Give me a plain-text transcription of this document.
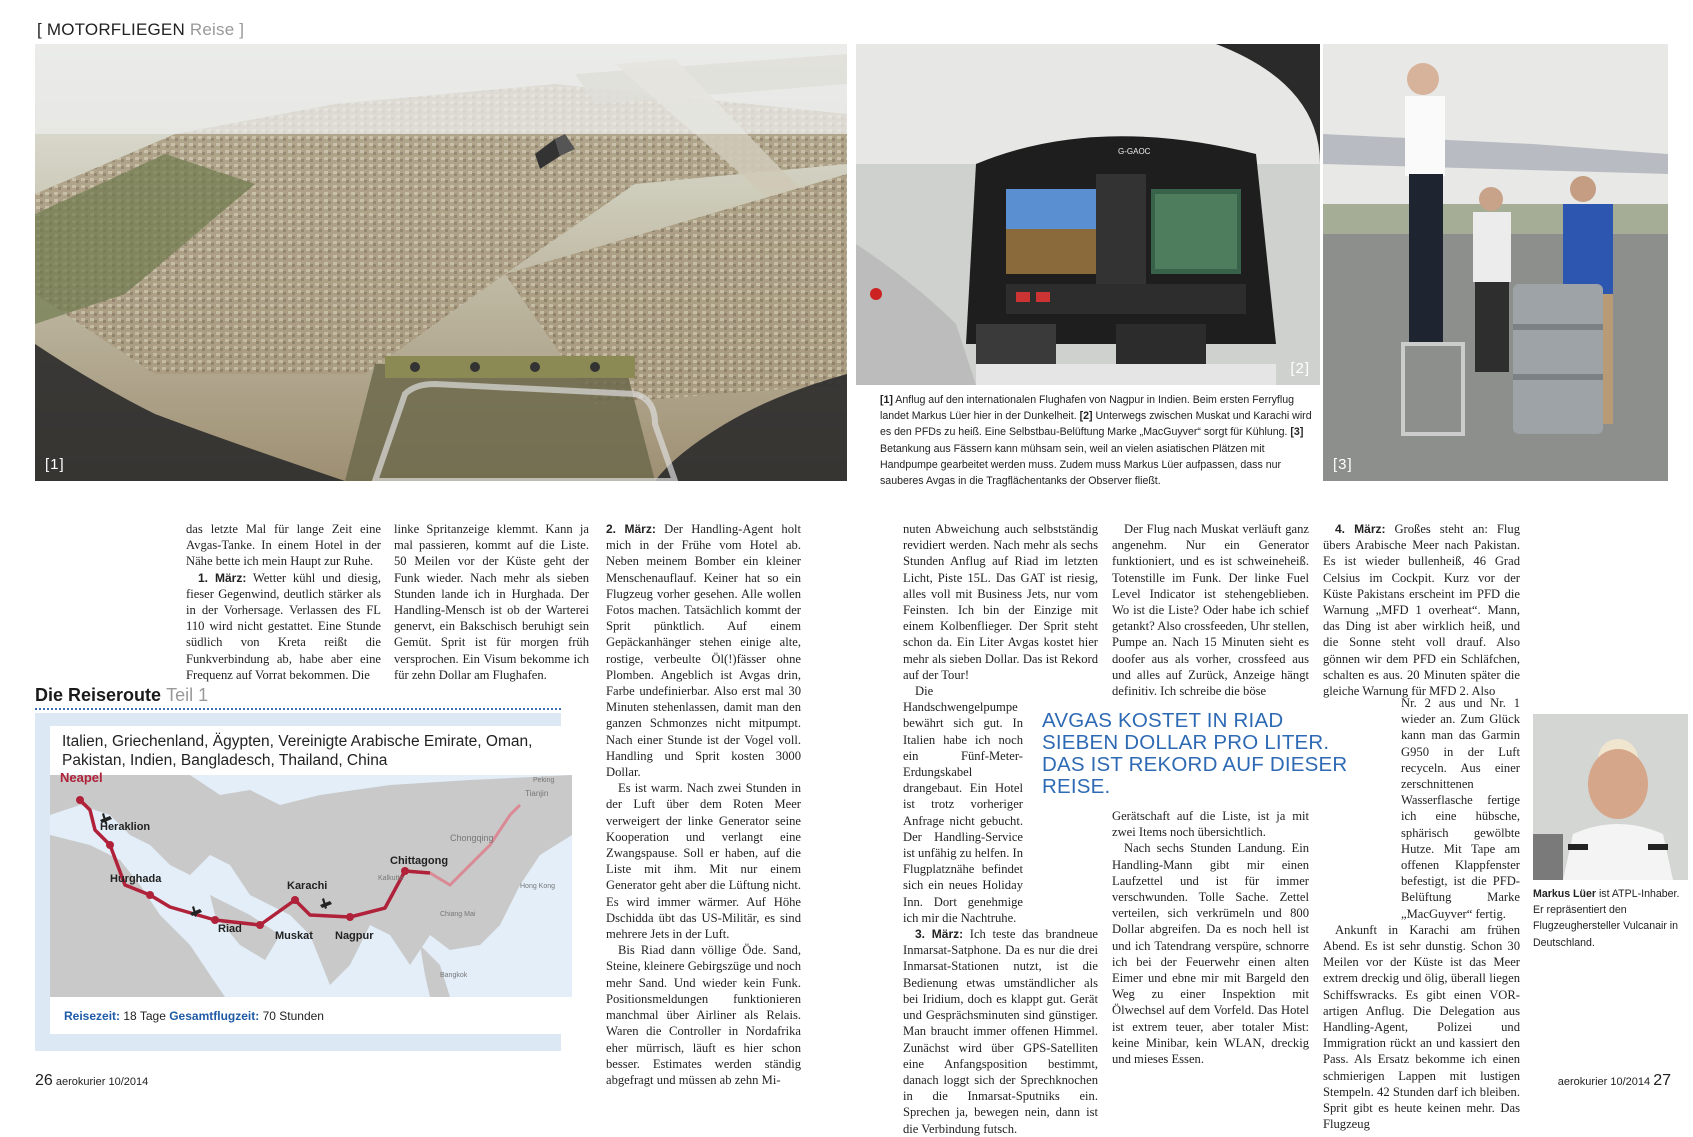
[ MOTORFLIEGEN Reise ]
[1]
G-GAOC
[2]
[3]
[1] Anflug auf den internationalen Flughafen von Nagpur in Indien. Beim ersten Ferryflug landet Markus Lüer hier in der Dunkelheit. [2] Unterwegs zwischen Muskat und Karachi wird es den PFDs zu heiß. Eine Selbstbau-Belüftung Marke „MacGuyver“ sorgt für Kühlung. [3] Betankung aus Fässern kann mühsam sein, weil an vielen asiatischen Plätzen mit Handpumpe gearbeitet werden muss. Zudem muss Markus Lüer aufpassen, dass nur sauberes Avgas in die Tragflächentanks der Observer fließt.

das letzte Mal für lange Zeit eine Avgas-Tanke. In einem Hotel in der Nähe bette ich mein Haupt zur Ruhe.

1. März: Wetter kühl und diesig, fieser Gegenwind, deutlich stärker als in der Vorhersage. Verlassen des FL 110 wird nicht gestattet. Eine Stunde südlich von Kreta reißt die Funkverbindung ab, habe aber eine Frequenz auf Vorrat bekommen. Die

linke Spritanzeige klemmt. Kann ja mal passieren, kommt auf die Liste. 50 Meilen vor der Küste geht der Funk wieder. Nach mehr als sieben Stunden lande ich in Hurghada. Der Handling-Mensch ist ob der Warterei genervt, ein Bakschisch beruhigt sein Gemüt. Sprit ist für morgen früh versprochen. Ein Visum bekomme ich für zehn Dollar am Flughafen.

2. März: Der Handling-Agent holt mich in der Frühe vom Hotel ab. Neben meinem Bomber ein kleiner Menschenauflauf. Keiner hat so ein Flugzeug vorher gesehen. Alle wollen Fotos machen. Tatsächlich kommt der Sprit pünktlich. Auf einem Gepäckanhänger stehen einige alte, rostige, verbeulte Öl(!)fässer ohne Plomben. Angeblich ist Avgas drin, Farbe undefinierbar. Also erst mal 30 Minuten stehenlassen, damit man den ganzen Schmonzes nicht mitpumpt. Nach einer Stunde ist der Vogel voll. Handling und Sprit kosten 3000 Dollar.

Es ist warm. Nach zwei Stunden in der Luft über dem Roten Meer verweigert der linke Generator seine Kooperation und verlangt eine Zwangspause. Soll er haben, auf die Liste mit ihm. Mit nur einem Generator geht aber die Lüftung nicht. Es wird immer wärmer. Auf Höhe Dschidda übt das US-Militär, es sind mehrere Jets in der Luft.

Bis Riad dann völlige Öde. Sand, Steine, kleinere Gebirgszüge und noch mehr Sand. Und wieder kein Funk. Positionsmeldungen funktionieren manchmal über Airliner als Relais. Waren die Controller in Nordafrika eher mürrisch, läuft es hier schon besser. Estimates werden ständig abgefragt und müssen ab zehn Mi-

nuten Abweichung auch selbstständig revidiert werden. Nach mehr als sechs Stunden Anflug auf Riad im letzten Licht, Piste 15L. Das GAT ist riesig, alles voll mit Business Jets, nur vom Feinsten. Ich bin der Einzige mit einem Kolbenflieger. Der Sprit steht schon da. Ein Liter Avgas kostet hier mehr als sieben Dollar. Das ist Rekord auf der Tour!

Die Handschwengelpumpe bewährt sich gut. In Italien habe ich noch ein Fünf-Meter-Erdungskabel drangebaut. Ein Hotel ist trotz vorheriger Anfrage nicht gebucht. Der Handling-Service ist unfähig zu helfen. In Flugplatznähe befindet sich ein neues Holiday Inn. Dort genehmige ich mir die Nachtruhe.

3. März: Ich teste das brandneue Inmarsat-Satphone. Da es nur die drei Inmarsat-Stationen nutzt, ist die Bedienung etwas umständlicher als bei Iridium, doch es klappt gut. Gerät und Gesprächsminuten sind günstiger. Man braucht immer offenen Himmel. Zunächst wird über GPS-Satelliten eine Anfangsposition bestimmt, danach loggt sich der Sprechknochen in die Inmarsat-Sputniks ein. Sprechen ja, bewegen nein, dann ist die Verbindung futsch.

Der Flug nach Muskat verläuft ganz angenehm. Nur ein Generator funktioniert, und es ist schweineheiß. Totenstille im Funk. Der linke Fuel Level Indicator ist stehengeblieben. Wo ist die Liste? Oder habe ich schief getankt? Also crossfeeden, Uhr stellen, Pumpe an. Nach 15 Minuten sieht es doofer aus als vorher, crossfeed aus und alles auf Zurück, Anzeige hängt definitiv. Ich schreibe die böse

Gerätschaft auf die Liste, ist ja mit zwei Items noch übersichtlich.

Nach sechs Stunden Landung. Ein Handling-Mann gibt mir einen Laufzettel und ist für immer verschwunden. Tolle Sache. Zettel verteilen, sich verkrümeln und 800 Dollar abgreifen. Da es noch hell ist und ich Tatendrang verspüre, schnorre ich bei der Feuerwehr einen alten Eimer und ebne mir mit Bargeld den Weg zu einer Inspektion mit Ölwechsel auf dem Vorfeld. Das Hotel ist extrem teuer, aber totaler Mist: keine Minibar, kein WLAN, dreckig und mieses Essen.

4. März: Großes steht an: Flug übers Arabische Meer nach Pakistan. Es ist wieder bullenheiß, 46 Grad Celsius im Cockpit. Kurz vor der Küste Pakistans erscheint im PFD die Warnung „MFD 1 overheat“. Mann, das Ding ist aber wirklich heiß, und die Sonne steht voll drauf. Also gönnen wir dem PFD ein Schläfchen, schalten es aus. 20 Minuten später die gleiche Warnung für MFD 2. Also

Nr. 2 aus und Nr. 1 wieder an. Zum Glück kann man das Garmin G950 in der Luft recyceln. Aus einer zerschnittenen Wasserflasche fertige ich eine hübsche, sphärisch gewölbte Hutze. Mit Tape am offenen Klappfenster befestigt, ist die PFD-Belüftung Marke „MacGuyver“ fertig.

Ankunft in Karachi am frühen Abend. Es ist sehr dunstig. Schon 30 Meilen vor der Küste ist das Meer extrem dreckig und ölig, überall liegen Schiffswracks. Es gibt einen VOR-artigen Anflug. Die Delegation aus Handling-Agent, Polizei und Immigration rückt an und kassiert den Pass. Als Ersatz bekomme ich einen schmierigen Lappen mit lustigen Stempeln. 42 Stunden darf ich bleiben. Sprit gibt es heute keinen mehr. Das Flugzeug

AVGAS KOSTET IN RIAD SIEBEN DOLLAR PRO LITER. DAS IST REKORD AUF DIESER REISE.
Die Reiseroute Teil 1
Italien, Griechenland, Ägypten, Vereinigte Arabische Emirate, Oman, Pakistan, Indien, Bangladesch, Thailand, China
Neapel
Heraklion
Hurghada
Riad
Muskat
Karachi
Nagpur
Chittagong
Peking
Tianjin
Chongqing
Kalkutta
Hong Kong
Chiang Mai
Bangkok
Reisezeit: 18 Tage Gesamtflugzeit: 70 Stunden
Markus Lüer ist ATPL-Inhaber. Er repräsentiert den Flugzeughersteller Vulcanair in Deutschland.
26 aerokurier 10/2014	aerokurier 10/2014 27
